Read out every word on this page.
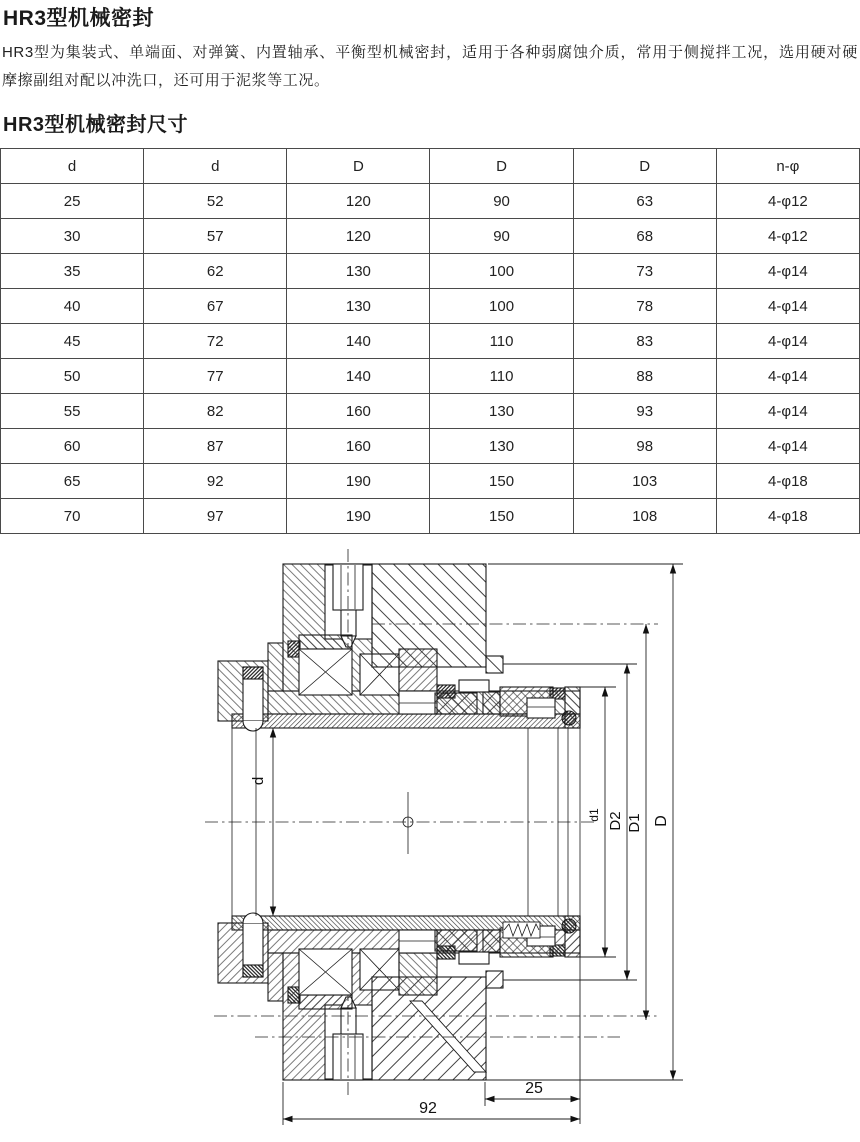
HR3型机械密封

HR3型为集装式、单端面、对弹簧、内置轴承、平衡型机械密封，适用于各种弱腐蚀介质，常用于侧搅拌工况，选用硬对硬摩擦副组对配以冲洗口，还可用于泥浆等工况。

HR3型机械密封尺寸
d	d	D	D	D	n-φ
25	52	120	90	63	4-φ12
30	57	120	90	68	4-φ12
35	62	130	100	73	4-φ14
40	67	130	100	78	4-φ14
45	72	140	110	83	4-φ14
50	77	140	110	88	4-φ14
55	82	160	130	93	4-φ14
60	87	160	130	98	4-φ14
65	92	190	150	103	4-φ18
70	97	190	150	108	4-φ18
d
d1 D2 D1 D
25
92
